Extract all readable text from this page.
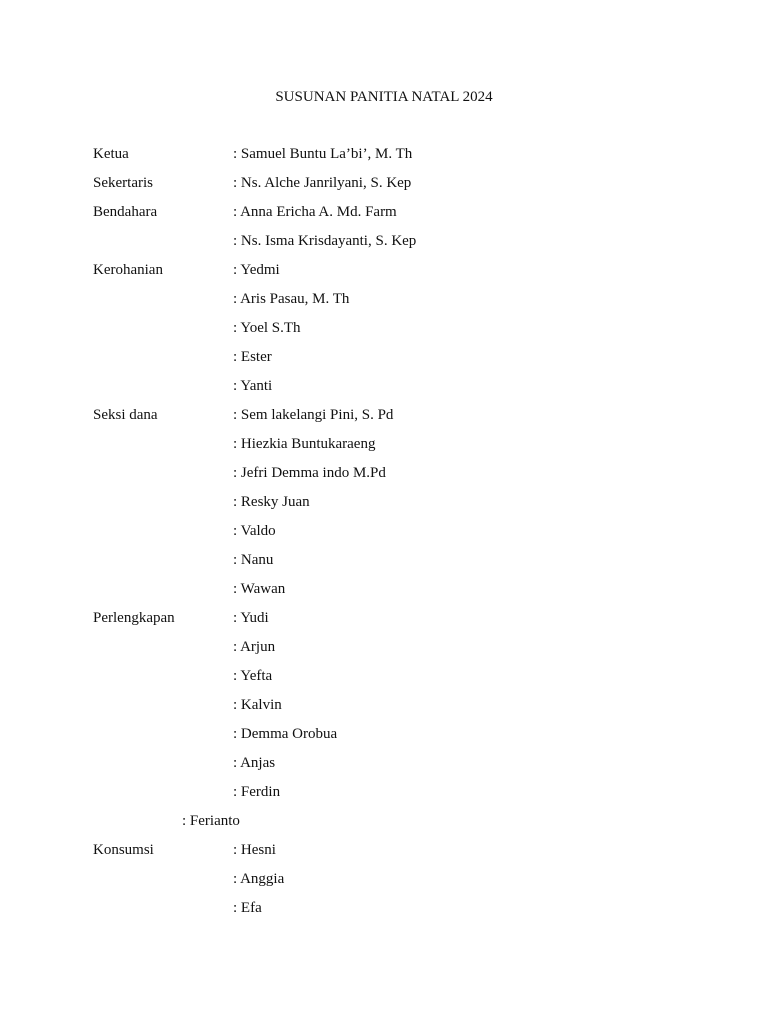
SUSUNAN PANITIA NATAL 2024
Ketua	: Samuel Buntu La’bi’, M. Th
Sekertaris	: Ns. Alche Janrilyani, S. Kep
Bendahara	: Anna Ericha A. Md. Farm
: Ns. Isma Krisdayanti, S. Kep
Kerohanian	: Yedmi
: Aris Pasau, M. Th
: Yoel S.Th
: Ester
: Yanti
Seksi dana	: Sem lakelangi Pini, S. Pd
: Hiezkia Buntukaraeng
: Jefri Demma indo M.Pd
: Resky Juan
: Valdo
: Nanu
: Wawan
Perlengkapan	: Yudi
: Arjun
: Yefta
: Kalvin
: Demma Orobua
: Anjas
: Ferdin
: Ferianto
Konsumsi	: Hesni
: Anggia
: Efa
